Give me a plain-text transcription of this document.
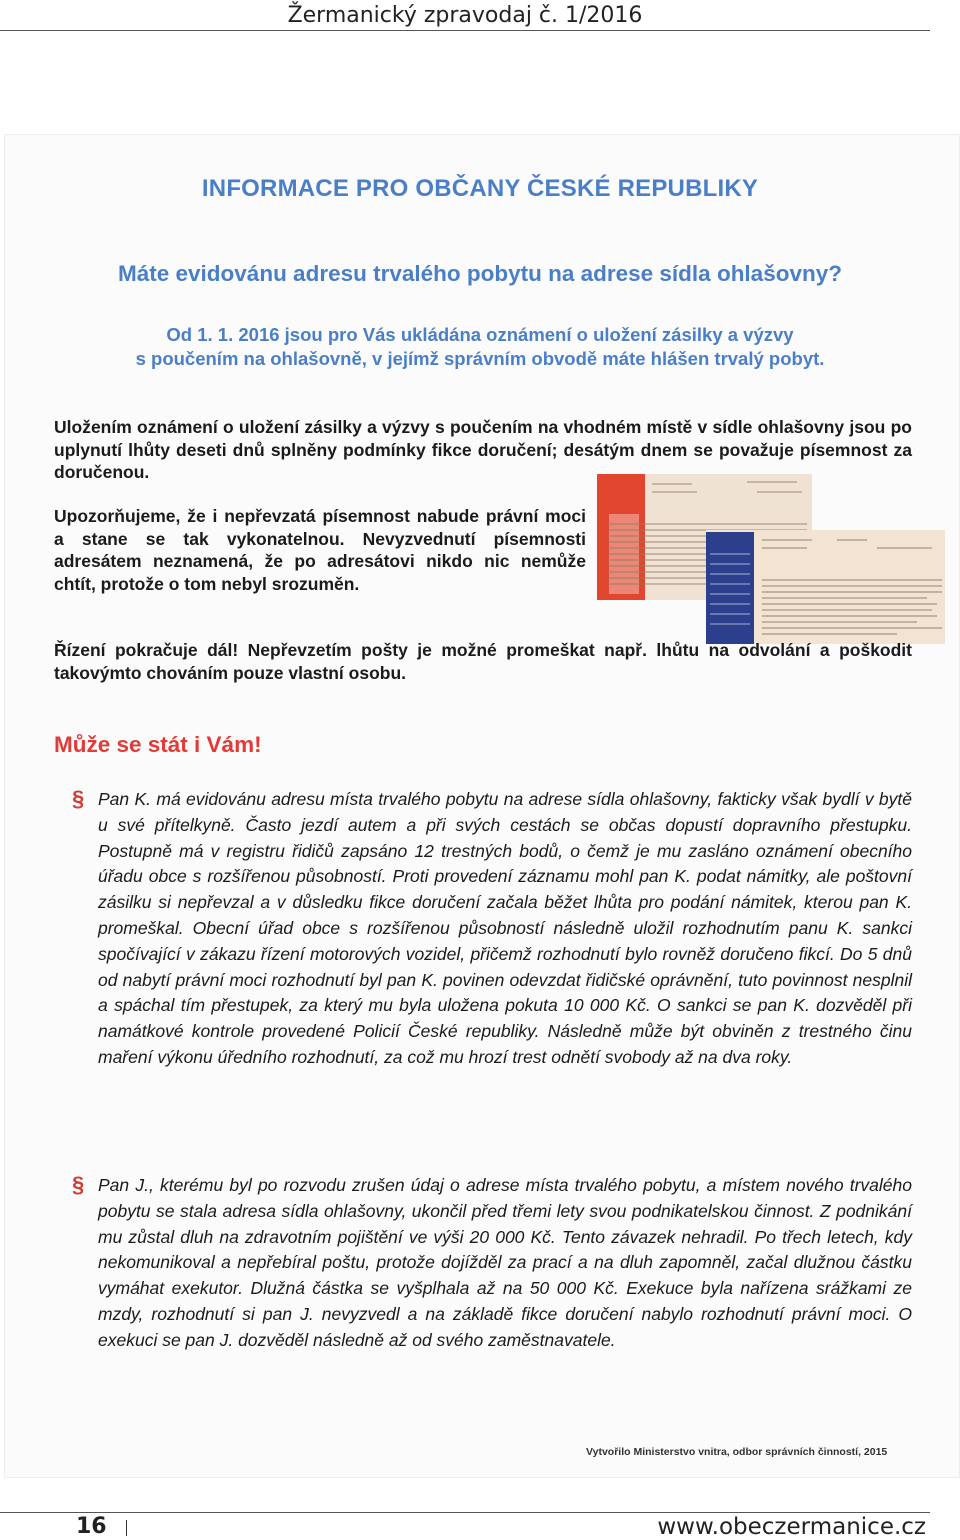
Žermanický zpravodaj č. 1/2016
INFORMACE PRO OBČANY ČESKÉ REPUBLIKY
Máte evidovánu adresu trvalého pobytu na adrese sídla ohlašovny?
Od 1. 1. 2016 jsou pro Vás ukládána oznámení o uložení zásilky a výzvy
s poučením na ohlašovně, v jejímž správním obvodě máte hlášen trvalý pobyt.
Uložením oznámení o uložení zásilky a výzvy s poučením na vhodném místě v sídle ohlašovny jsou po uplynutí lhůty deseti dnů splněny podmínky fikce doručení; desátým dnem se považuje písemnost za doručenou.
Upozorňujeme, že i nepřevzatá písemnost nabude právní moci a stane se tak vykonatelnou. Nevyzvednutí písemnosti adresátem neznamená, že po adresátovi nikdo nic nemůže chtít, protože o tom nebyl srozuměn.
Řízení pokračuje dál! Nepřevzetím pošty je možné promeškat např. lhůtu na odvolání a poškodit takovýmto chováním pouze vlastní osobu.
Může se stát i Vám!
§ Pan K. má evidovánu adresu místa trvalého pobytu na adrese sídla ohlašovny, fakticky však bydlí v bytě u své přítelkyně. Často jezdí autem a při svých cestách se občas dopustí dopravního přestupku. Postupně má v registru řidičů zapsáno 12 trestných bodů, o čemž je mu zasláno oznámení obecního úřadu obce s rozšířenou působností. Proti provedení záznamu mohl pan K. podat námitky, ale poštovní zásilku si nepřevzal a v důsledku fikce doručení začala běžet lhůta pro podání námitek, kterou pan K. promeškal. Obecní úřad obce s rozšířenou působností následně uložil rozhodnutím panu K. sankci spočívající v zákazu řízení motorových vozidel, přičemž rozhodnutí bylo rovněž doručeno fikcí. Do 5 dnů od nabytí právní moci rozhodnutí byl pan K. povinen odevzdat řidičské oprávnění, tuto povinnost nesplnil a spáchal tím přestupek, za který mu byla uložena pokuta 10 000 Kč. O sankci se pan K. dozvěděl při namátkové kontrole provedené Policií České republiky. Následně může být obviněn z trestného činu maření výkonu úředního rozhodnutí, za což mu hrozí trest odnětí svobody až na dva roky.
§ Pan J., kterému byl po rozvodu zrušen údaj o adrese místa trvalého pobytu, a místem nového trvalého pobytu se stala adresa sídla ohlašovny, ukončil před třemi lety svou podnikatelskou činnost. Z podnikání mu zůstal dluh na zdravotním pojištění ve výši 20 000 Kč. Tento závazek nehradil. Po třech letech, kdy nekomunikoval a nepřebíral poštu, protože dojížděl za prací a na dluh zapomněl, začal dlužnou částku vymáhat exekutor. Dlužná částka se vyšplhala až na 50 000 Kč. Exekuce byla nařízena srážkami ze mzdy, rozhodnutí si pan J. nevyzvedl a na základě fikce doručení nabylo rozhodnutí právní moci. O exekuci se pan J. dozvěděl následně až od svého zaměstnavatele.
Vytvořilo Ministerstvo vnitra, odbor správních činností, 2015
16	www.obeczermanice.cz
